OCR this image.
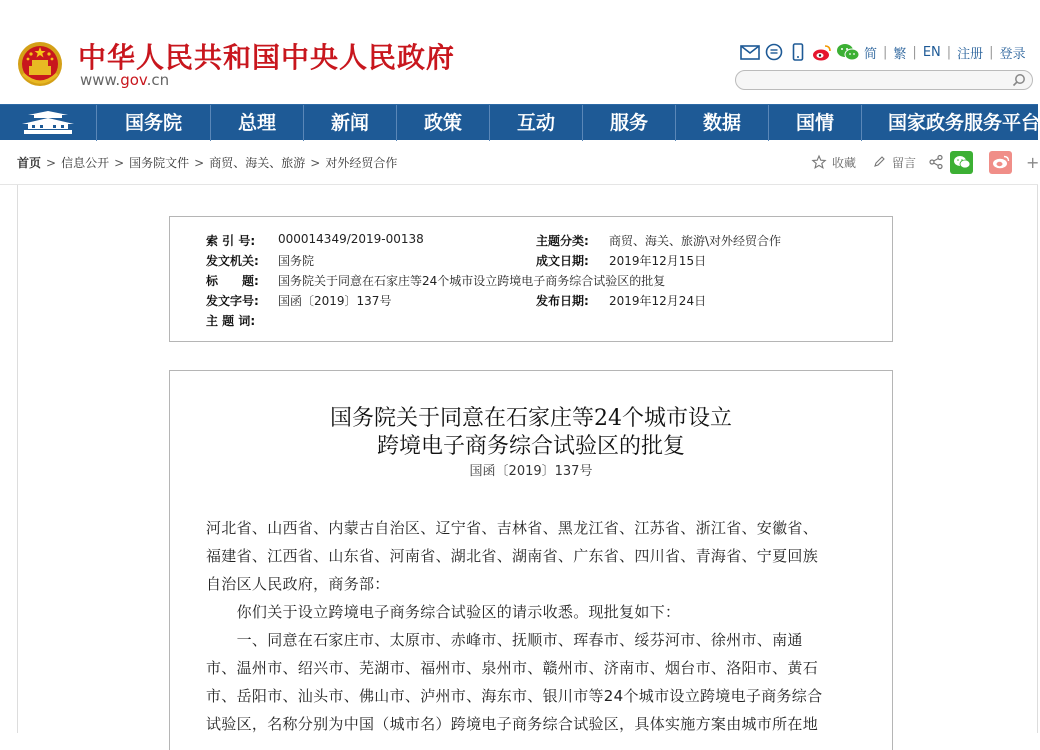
中华人民共和国中央人民政府
www.gov.cn
简 | 繁 | EN | 注册 | 登录
国务院	总理	新闻	政策	互动	服务	数据	国情	国家政务服务平台
首页 > 信息公开 > 国务院文件 > 商贸、海关、旅游 > 对外经贸合作	收藏	留言	+
索 引 号: 000014349/2019-00138	主题分类: 商贸、海关、旅游\对外经贸合作
发文机关: 国务院	成文日期: 2019年12月15日
标　　题: 国务院关于同意在石家庄等24个城市设立跨境电子商务综合试验区的批复
发文字号: 国函〔2019〕137号	发布日期: 2019年12月24日
主 题 词:
国务院关于同意在石家庄等24个城市设立
跨境电子商务综合试验区的批复
国函〔2019〕137号
河北省、山西省、内蒙古自治区、辽宁省、吉林省、黑龙江省、江苏省、浙江省、安徽省、
福建省、江西省、山东省、河南省、湖北省、湖南省、广东省、四川省、青海省、宁夏回族
自治区人民政府，商务部：
　　你们关于设立跨境电子商务综合试验区的请示收悉。现批复如下：
　　一、同意在石家庄市、太原市、赤峰市、抚顺市、珲春市、绥芬河市、徐州市、南通
市、温州市、绍兴市、芜湖市、福州市、泉州市、赣州市、济南市、烟台市、洛阳市、黄石
市、岳阳市、汕头市、佛山市、泸州市、海东市、银川市等24个城市设立跨境电子商务综合
试验区，名称分别为中国（城市名）跨境电子商务综合试验区，具体实施方案由城市所在地
